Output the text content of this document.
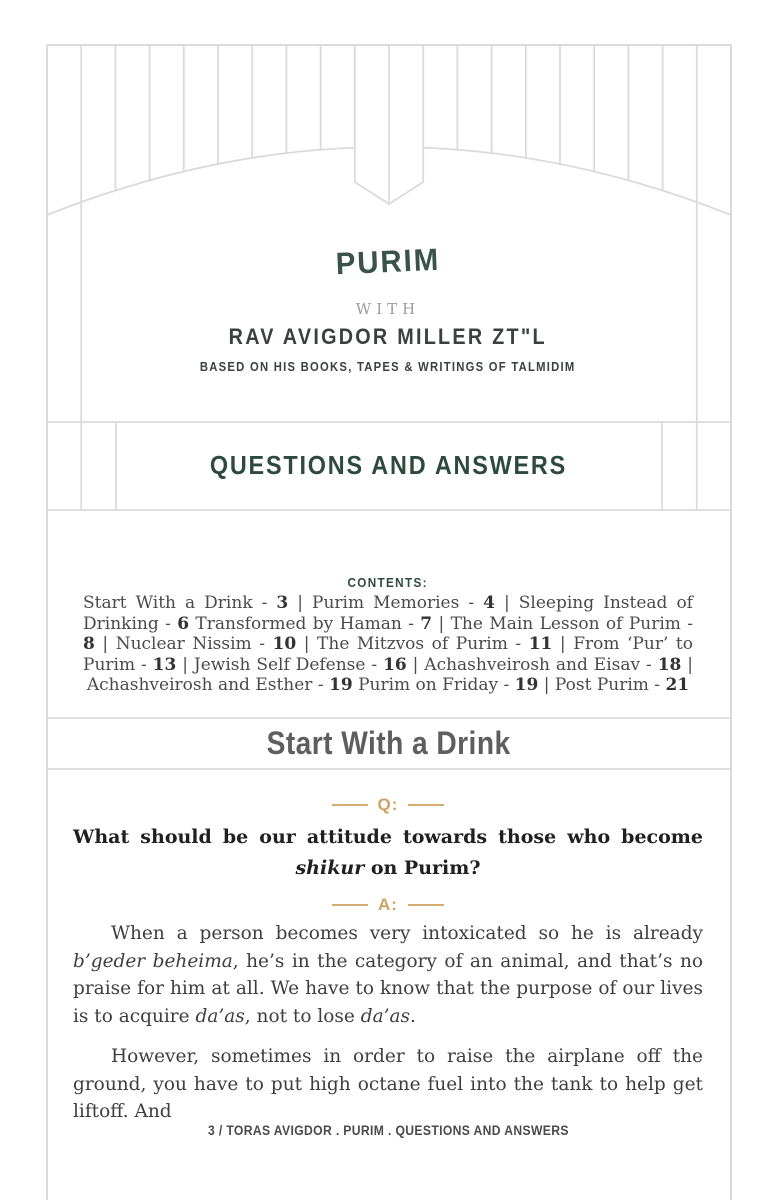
PURIM
WITH
RAV AVIGDOR MILLER ZT"L
BASED ON HIS BOOKS, TAPES & WRITINGS OF TALMIDIM
QUESTIONS AND ANSWERS
CONTENTS:
Start With a Drink - 3 | Purim Memories - 4 | Sleeping Instead of Drinking - 6 Transformed by Haman - 7 | The Main Lesson of Purim - 8 | Nuclear Nissim - 10 | The Mitzvos of Purim - 11 | From ‘Pur’ to Purim - 13 | Jewish Self Defense - 16 | Achashveirosh and Eisav - 18 | Achashveirosh and Esther - 19 Purim on Friday - 19 | Post Purim - 21
Start With a Drink
Q:
What should be our attitude towards those who become shikur on Purim?
A:

When a person becomes very intoxicated so he is already b’geder beheima, he’s in the category of an animal, and that’s no praise for him at all. We have to know that the purpose of our lives is to acquire da’as, not to lose da’as.

However, sometimes in order to raise the airplane off the ground, you have to put high octane fuel into the tank to help get liftoff. And

3 / TORAS AVIGDOR . PURIM . QUESTIONS AND ANSWERS
